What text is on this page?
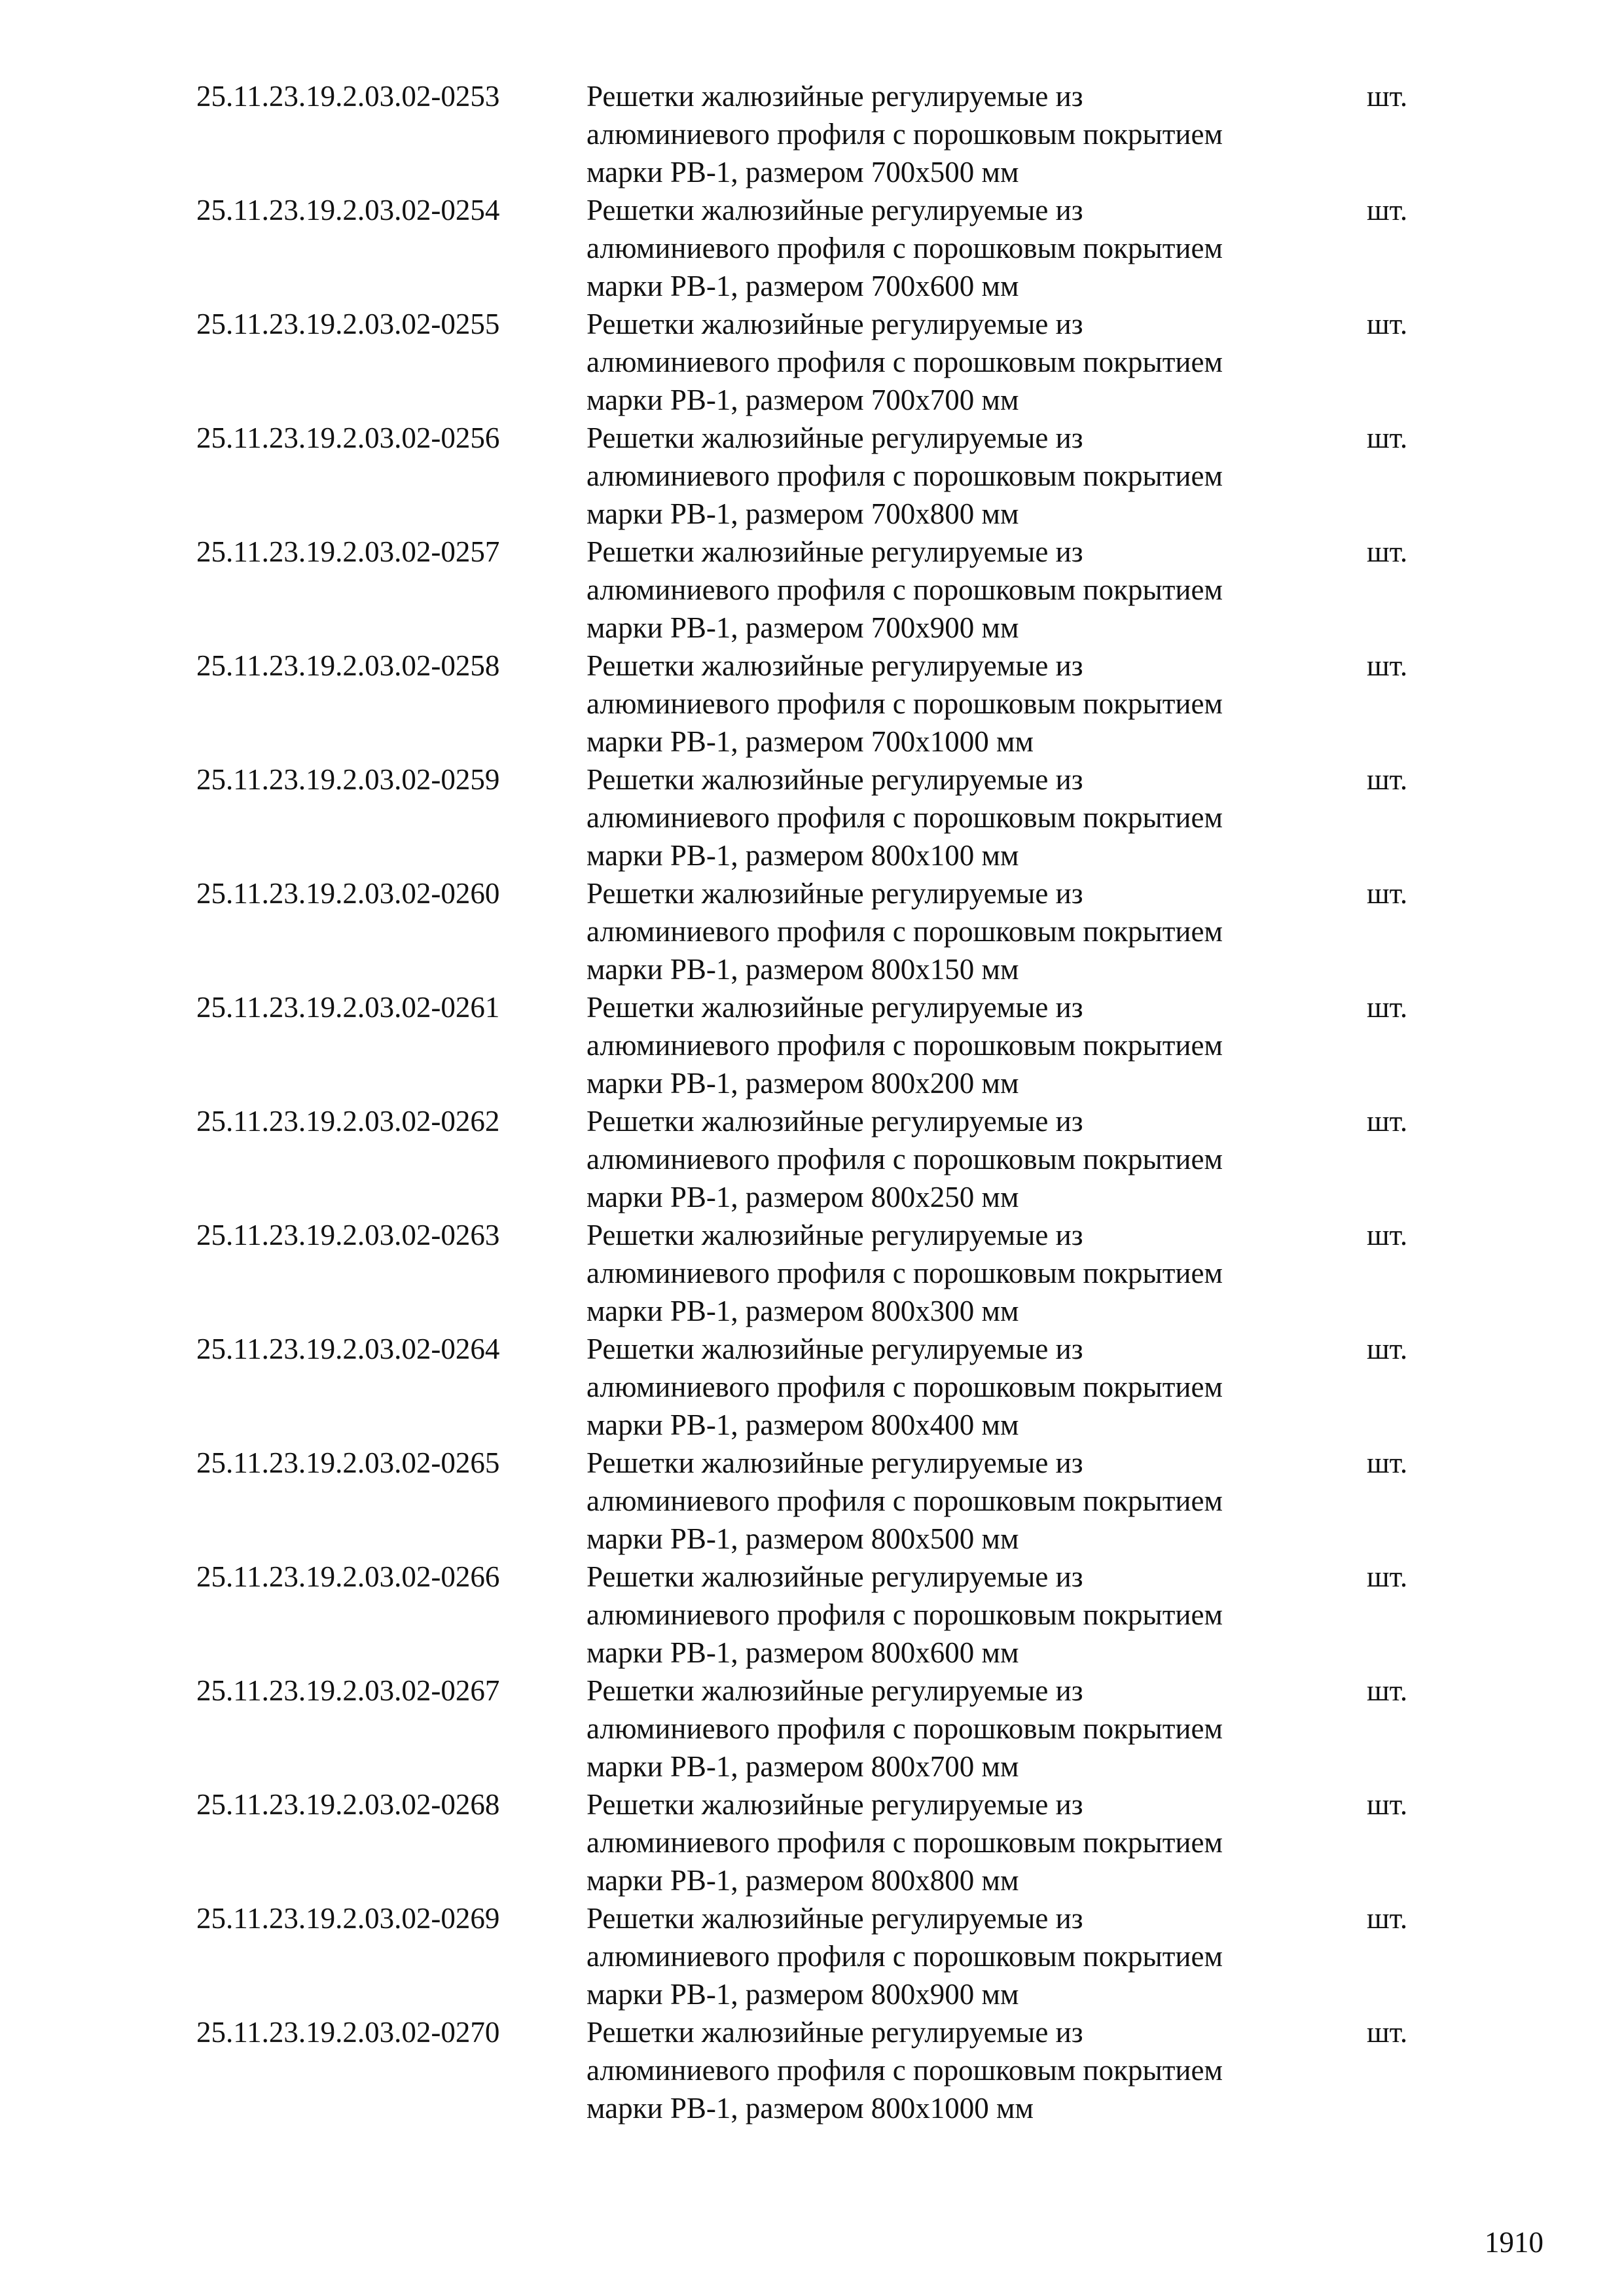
25.11.23.19.2.03.02-0253	Решетки жалюзийные регулируемые из
алюминиевого профиля с порошковым покрытием
марки РВ-1, размером 700х500 мм
шт.
25.11.23.19.2.03.02-0254	Решетки жалюзийные регулируемые из
алюминиевого профиля с порошковым покрытием
марки РВ-1, размером 700х600 мм
шт.
25.11.23.19.2.03.02-0255	Решетки жалюзийные регулируемые из
алюминиевого профиля с порошковым покрытием
марки РВ-1, размером 700х700 мм
шт.
25.11.23.19.2.03.02-0256	Решетки жалюзийные регулируемые из
алюминиевого профиля с порошковым покрытием
марки РВ-1, размером 700х800 мм
шт.
25.11.23.19.2.03.02-0257	Решетки жалюзийные регулируемые из
алюминиевого профиля с порошковым покрытием
марки РВ-1, размером 700х900 мм
шт.
25.11.23.19.2.03.02-0258	Решетки жалюзийные регулируемые из
алюминиевого профиля с порошковым покрытием
марки РВ-1, размером 700х1000 мм
шт.
25.11.23.19.2.03.02-0259	Решетки жалюзийные регулируемые из
алюминиевого профиля с порошковым покрытием
марки РВ-1, размером 800х100 мм
шт.
25.11.23.19.2.03.02-0260	Решетки жалюзийные регулируемые из
алюминиевого профиля с порошковым покрытием
марки РВ-1, размером 800х150 мм
шт.
25.11.23.19.2.03.02-0261	Решетки жалюзийные регулируемые из
алюминиевого профиля с порошковым покрытием
марки РВ-1, размером 800х200 мм
шт.
25.11.23.19.2.03.02-0262	Решетки жалюзийные регулируемые из
алюминиевого профиля с порошковым покрытием
марки РВ-1, размером 800х250 мм
шт.
25.11.23.19.2.03.02-0263	Решетки жалюзийные регулируемые из
алюминиевого профиля с порошковым покрытием
марки РВ-1, размером 800х300 мм
шт.
25.11.23.19.2.03.02-0264	Решетки жалюзийные регулируемые из
алюминиевого профиля с порошковым покрытием
марки РВ-1, размером 800х400 мм
шт.
25.11.23.19.2.03.02-0265	Решетки жалюзийные регулируемые из
алюминиевого профиля с порошковым покрытием
марки РВ-1, размером 800х500 мм
шт.
25.11.23.19.2.03.02-0266	Решетки жалюзийные регулируемые из
алюминиевого профиля с порошковым покрытием
марки РВ-1, размером 800х600 мм
шт.
25.11.23.19.2.03.02-0267	Решетки жалюзийные регулируемые из
алюминиевого профиля с порошковым покрытием
марки РВ-1, размером 800х700 мм
шт.
25.11.23.19.2.03.02-0268	Решетки жалюзийные регулируемые из
алюминиевого профиля с порошковым покрытием
марки РВ-1, размером 800х800 мм
шт.
25.11.23.19.2.03.02-0269	Решетки жалюзийные регулируемые из
алюминиевого профиля с порошковым покрытием
марки РВ-1, размером 800х900 мм
шт.
25.11.23.19.2.03.02-0270	Решетки жалюзийные регулируемые из
алюминиевого профиля с порошковым покрытием
марки РВ-1, размером 800х1000 мм
шт.
1910
